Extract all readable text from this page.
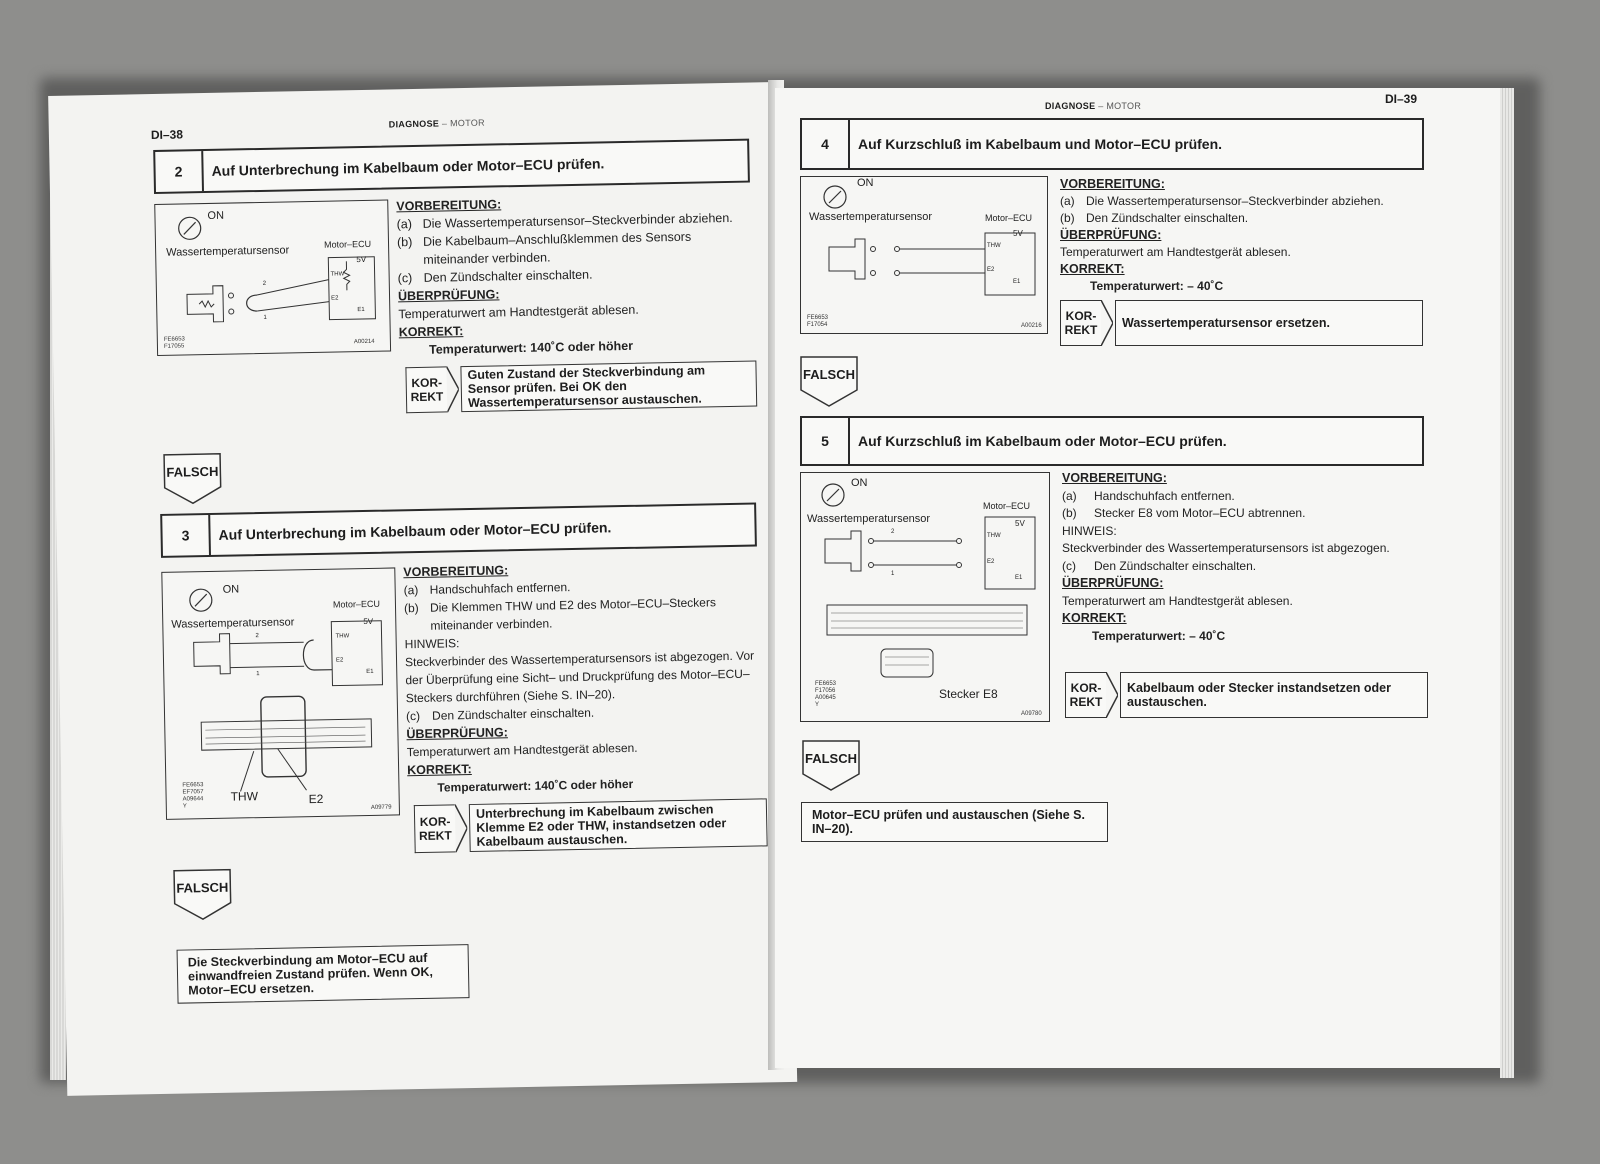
DI–38
DIAGNOSE – MOTOR
2	Auf Unterbrechung im Kabelbaum oder Motor–ECU prüfen.
ON
Wassertemperatursensor
Motor–ECU
5V
THW
E2
E1
2
1
FE6653
F17055
A00214
VORBEREITUNG:
(a) Die Wassertemperatursensor–Steckverbinder abziehen.
(b) Die Kabelbaum–Anschlußklemmen des Sensors miteinander verbinden.
(c) Den Zündschalter einschalten.
ÜBERPRÜFUNG:
Temperaturwert am Handtestgerät ablesen.
KORREKT:
Temperaturwert: 140˚C oder höher
KOR-
REKT
Guten Zustand der Steckverbindung am Sensor prüfen. Bei OK den Wassertemperatursensor austauschen.
FALSCH
3	Auf Unterbrechung im Kabelbaum oder Motor–ECU prüfen.
ON
Wassertemperatursensor
Motor–ECU
5V
THW
E2
E1
2
1
THW	E2
FE6653
EF7057
A09644
Y	A09779
VORBEREITUNG:
(a) Handschuhfach entfernen.
(b) Die Klemmen THW und E2 des Motor–ECU–Steckers miteinander verbinden.
HINWEIS:
Steckverbinder des Wassertemperatursensors ist abgezogen. Vor der Überprüfung eine Sicht– und Druckprüfung des Motor–ECU–Steckers durchführen (Siehe S. IN–20).
(c) Den Zündschalter einschalten.
ÜBERPRÜFUNG:
Temperaturwert am Handtestgerät ablesen.
KORREKT:
Temperaturwert: 140˚C oder höher
KOR-
REKT
Unterbrechung im Kabelbaum zwischen Klemme E2 oder THW, instandsetzen oder Kabelbaum austauschen.
FALSCH
Die Steckverbindung am Motor–ECU auf einwandfreien Zustand prüfen. Wenn OK, Motor–ECU ersetzen.
DIAGNOSE – MOTOR	DI–39
4	Auf Kurzschluß im Kabelbaum und Motor–ECU prüfen.
ON
Wassertemperatursensor	Motor–ECU
5V
THW
E2
E1
FE6653
F17054	A00216
VORBEREITUNG:
(a) Die Wassertemperatursensor–Steckverbinder abziehen.
(b) Den Zündschalter einschalten.
ÜBERPRÜFUNG:
Temperaturwert am Handtestgerät ablesen.
KORREKT:
Temperaturwert: – 40˚C
KOR-
REKT	Wassertemperatursensor ersetzen.
FALSCH
5	Auf Kurzschluß im Kabelbaum oder Motor–ECU prüfen.
ON
Wassertemperatursensor
Motor–ECU
5V
THW
E2
E1
2
1
Stecker E8
FE6653
F17056
A00645
Y
A09780
VORBEREITUNG:
(a)	Handschuhfach entfernen.
(b)	Stecker E8 vom Motor–ECU abtrennen.
HINWEIS:
Steckverbinder des Wassertemperatursensors ist abgezogen.
(c)	Den Zündschalter einschalten.
ÜBERPRÜFUNG:
Temperaturwert am Handtestgerät ablesen.
KORREKT:
Temperaturwert: – 40˚C
KOR-
REKT
Kabelbaum oder Stecker instandsetzen oder austauschen.
FALSCH
Motor–ECU prüfen und austauschen (Siehe S. IN–20).
